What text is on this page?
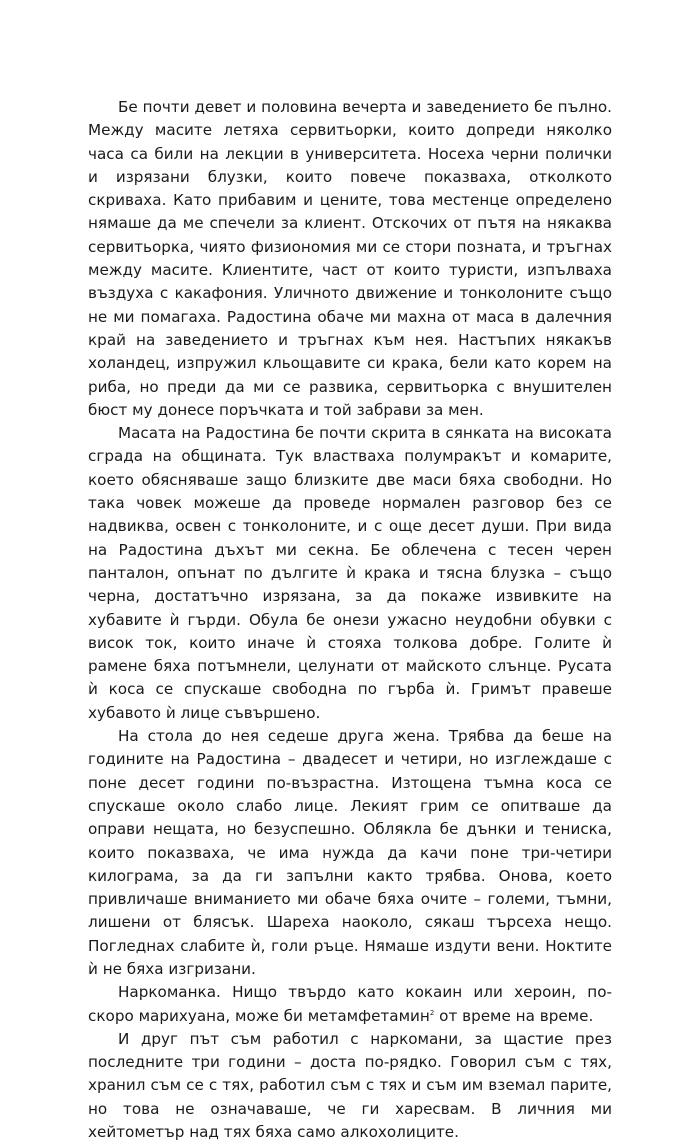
Бе почти девет и половина вечерта и заведението бе пълно. Между масите летяха сервитьорки, които допреди няколко часа са били на лекции в университета. Носеха черни полички и изрязани блузки, които повече показваха, отколкото скриваха. Като прибавим и цените, това местенце определено нямаше да ме спечели за клиент. Отскочих от пътя на някаква сервитьорка, чиято физиономия ми се стори позната, и тръгнах между масите. Клиентите, част от които туристи, изпълваха въздуха с какафония. Уличното движение и тонколоните също не ми помагаха. Радостина обаче ми махна от маса в далечния край на заведението и тръгнах към нея. Настъпих някакъв холандец, изпружил кльощавите си крака, бели като корем на риба, но преди да ми се развика, сервитьорка с внушителен бюст му донесе поръчката и той забрави за мен.

Масата на Радостина бе почти скрита в сянката на високата сграда на общината. Тук властваха полумракът и комарите, което обясняваше защо близките две маси бяха свободни. Но така човек можеше да проведе нормален разговор без се надвиква, освен с тонколоните, и с още десет души. При вида на Радостина дъхът ми секна. Бе облечена с тесен черен панталон, опънат по дългите ѝ крака и тясна блузка – също черна, достатъчно изрязана, за да покаже извивките на хубавите ѝ гърди. Обула бе онези ужасно неудобни обувки с висок ток, които иначе ѝ стояха толкова добре. Голите ѝ рамене бяха потъмнели, целунати от майското слънце. Русата ѝ коса се спускаше свободна по гърба ѝ. Гримът правеше хубавото ѝ лице съвършено.

На стола до нея седеше друга жена. Трябва да беше на годините на Радостина – двадесет и четири, но изглеждаше с поне десет години по-възрастна. Изтощена тъмна коса се спускаше около слабо лице. Лекият грим се опитваше да оправи нещата, но безуспешно. Облякла бе дънки и тениска, които показваха, че има нужда да качи поне три-четири килограма, за да ги запълни както трябва. Онова, което привличаше вниманието ми обаче бяха очите – големи, тъмни, лишени от блясък. Шареха наоколо, сякаш търсеха нещо. Погледнах слабите ѝ, голи ръце. Нямаше издути вени. Ноктите ѝ не бяха изгризани.

Наркоманка. Нищо твърдо като кокаин или хероин, по-скоро марихуана, може би метамфетамин$^2$ от време на време.

И друг път съм работил с наркомани, за щастие през последните три години – доста по-рядко. Говорил съм с тях, хранил съм се с тях, работил съм с тях и съм им вземал парите, но това не означаваше, че ги харесвам. В личния ми хейтометър над тях бяха само алкохолиците.
